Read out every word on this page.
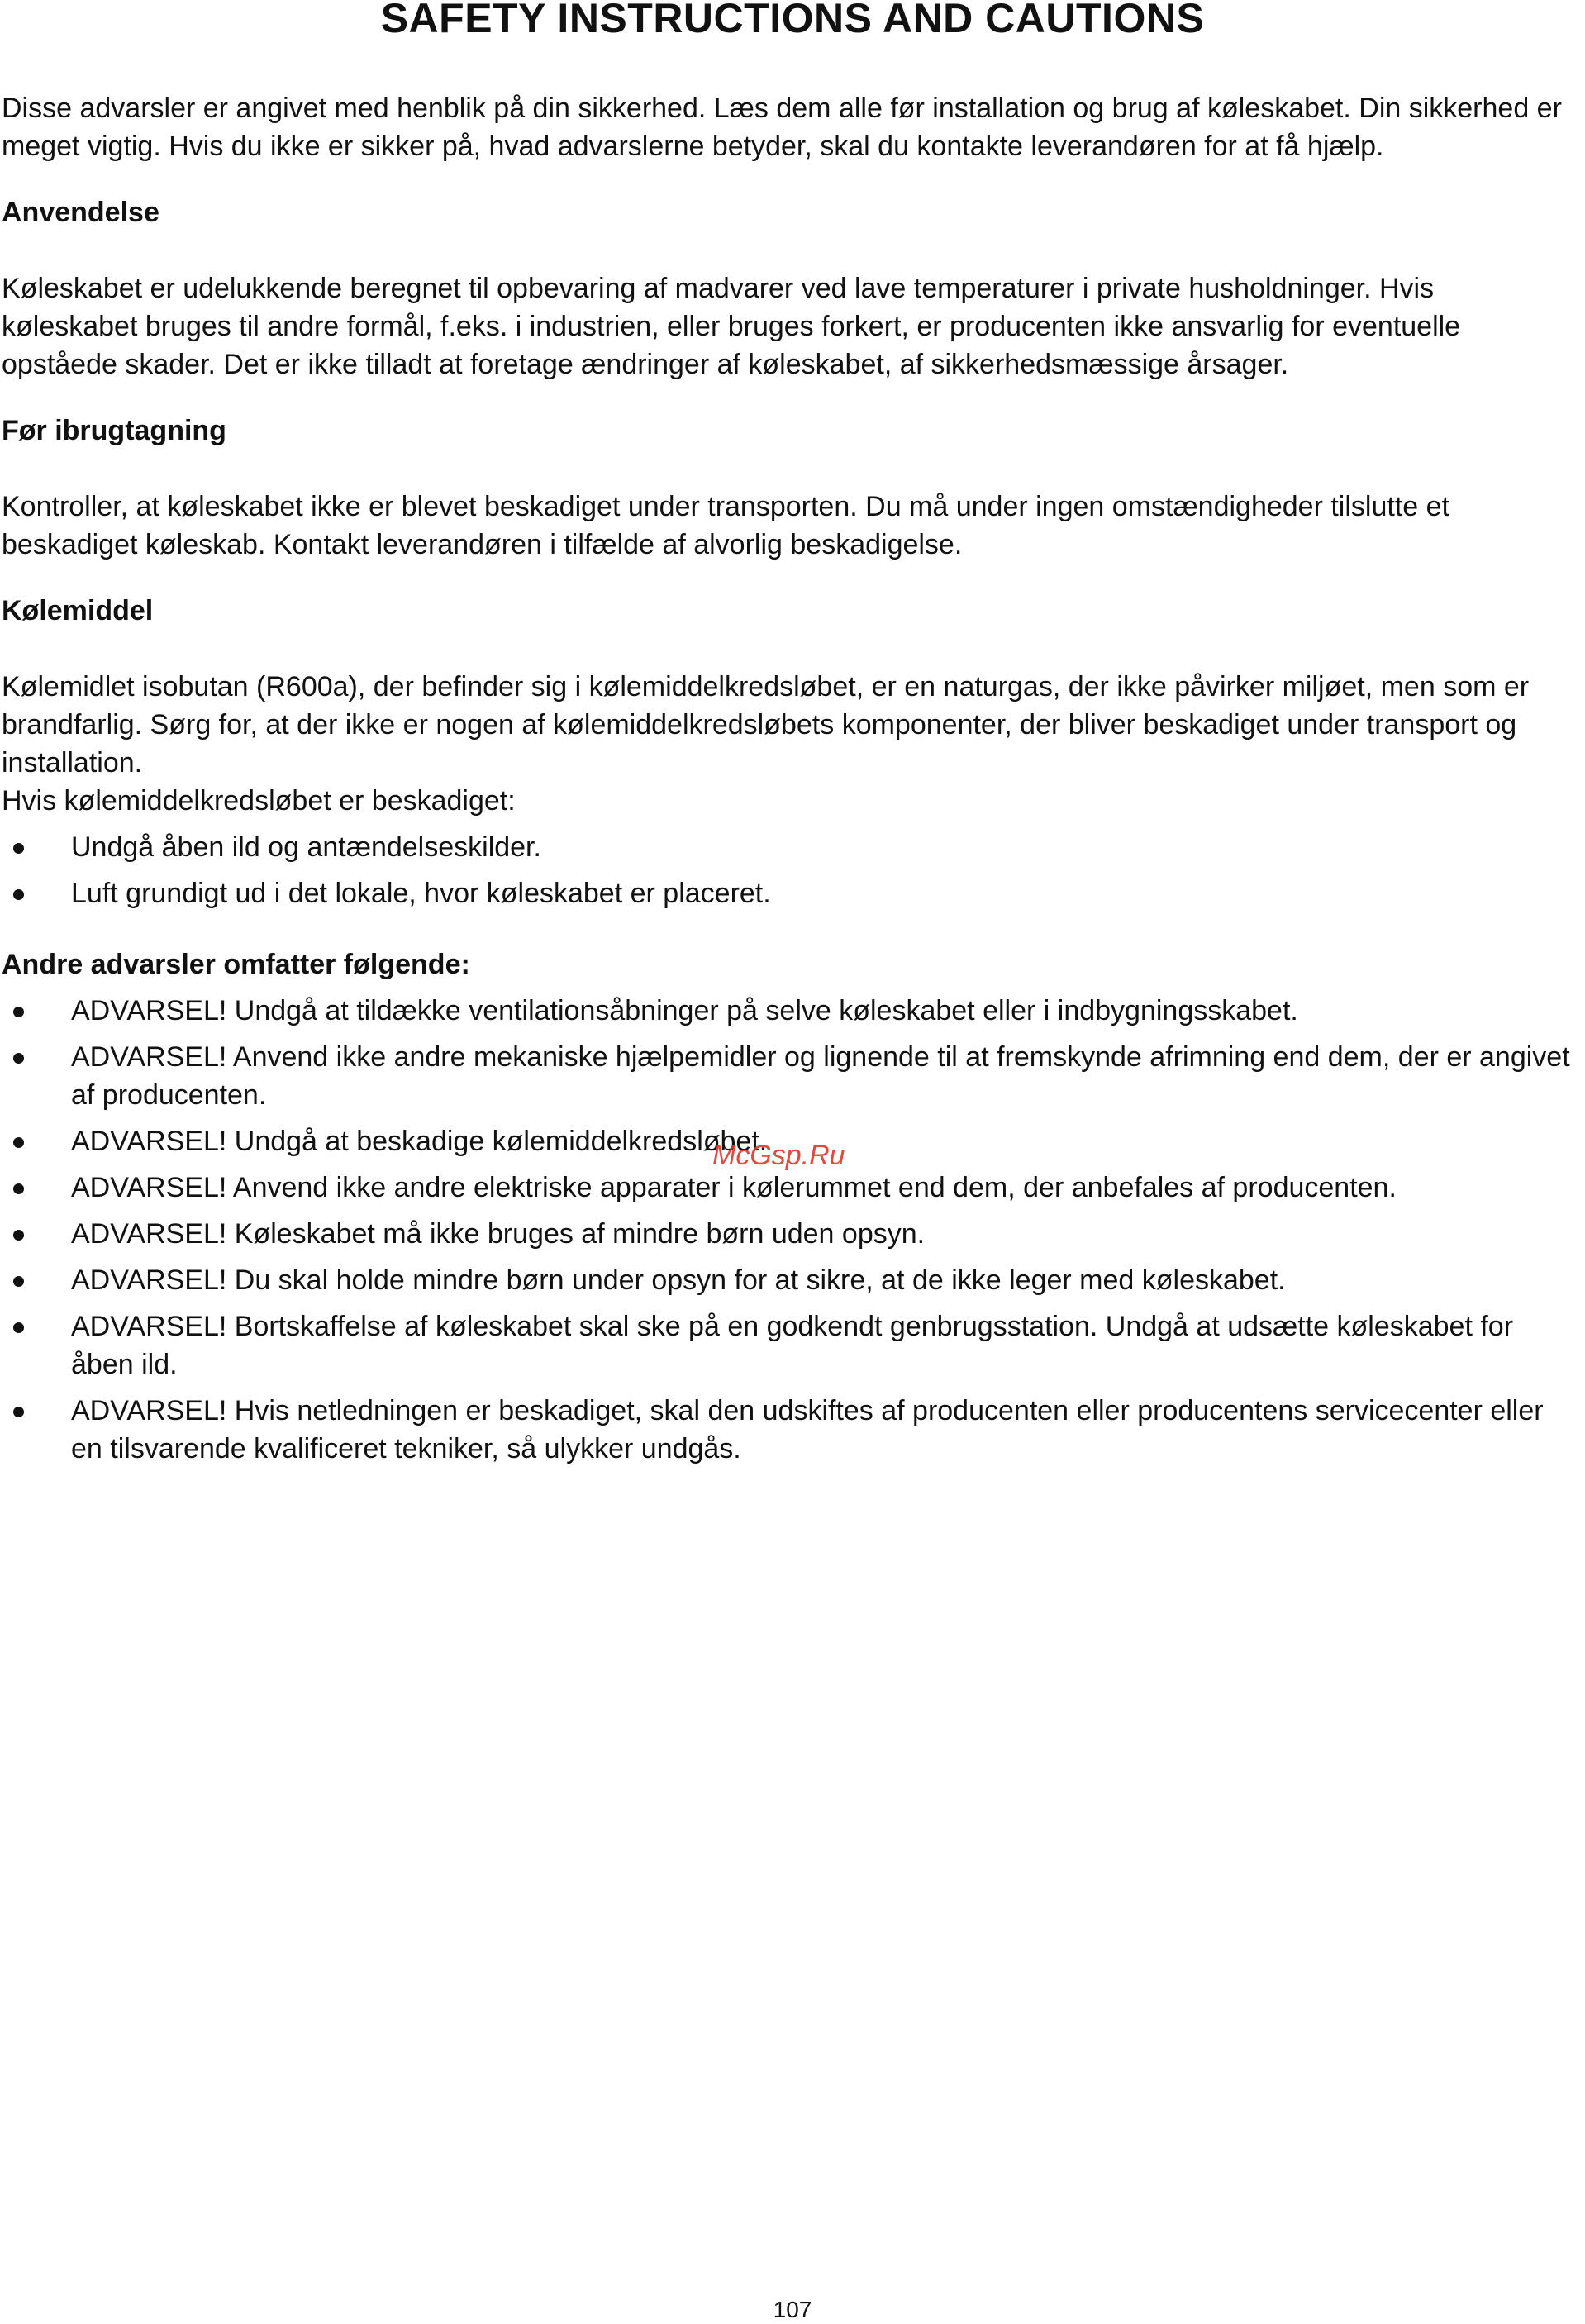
SAFETY INSTRUCTIONS AND CAUTIONS

Disse advarsler er angivet med henblik på din sikkerhed. Læs dem alle før installation og brug af køleskabet. Din sikkerhed er meget vigtig. Hvis du ikke er sikker på, hvad advarslerne betyder, skal du kontakte leverandøren for at få hjælp.

Anvendelse

Køleskabet er udelukkende beregnet til opbevaring af madvarer ved lave temperaturer i private husholdninger. Hvis køleskabet bruges til andre formål, f.eks. i industrien, eller bruges forkert, er producenten ikke ansvarlig for eventuelle opståede skader. Det er ikke tilladt at foretage ændringer af køleskabet, af sikkerhedsmæssige årsager.

Før ibrugtagning

Kontroller, at køleskabet ikke er blevet beskadiget under transporten. Du må under ingen omstændigheder tilslutte et beskadiget køleskab. Kontakt leverandøren i tilfælde af alvorlig beskadigelse.

Kølemiddel

Kølemidlet isobutan (R600a), der befinder sig i kølemiddelkredsløbet, er en naturgas, der ikke påvirker miljøet, men som er brandfarlig. Sørg for, at der ikke er nogen af kølemiddelkredsløbets komponenter, der bliver beskadiget under transport og installation.

Hvis kølemiddelkredsløbet er beskadiget:

Undgå åben ild og antændelseskilder.
Luft grundigt ud i det lokale, hvor køleskabet er placeret.

Andre advarsler omfatter følgende:

ADVARSEL! Undgå at tildække ventilationsåbninger på selve køleskabet eller i indbygningsskabet.
ADVARSEL! Anvend ikke andre mekaniske hjælpemidler og lignende til at fremskynde afrimning end dem, der er angivet af producenten.
ADVARSEL! Undgå at beskadige kølemiddelkredsløbet.
ADVARSEL! Anvend ikke andre elektriske apparater i kølerummet end dem, der anbefales af producenten.
ADVARSEL! Køleskabet må ikke bruges af mindre børn uden opsyn.
ADVARSEL! Du skal holde mindre børn under opsyn for at sikre, at de ikke leger med køleskabet.
ADVARSEL! Bortskaffelse af køleskabet skal ske på en godkendt genbrugsstation. Undgå at udsætte køleskabet for åben ild.
ADVARSEL! Hvis netledningen er beskadiget, skal den udskiftes af producenten eller producentens servicecenter eller en tilsvarende kvalificeret tekniker, så ulykker undgås.
McGsp.Ru
107
